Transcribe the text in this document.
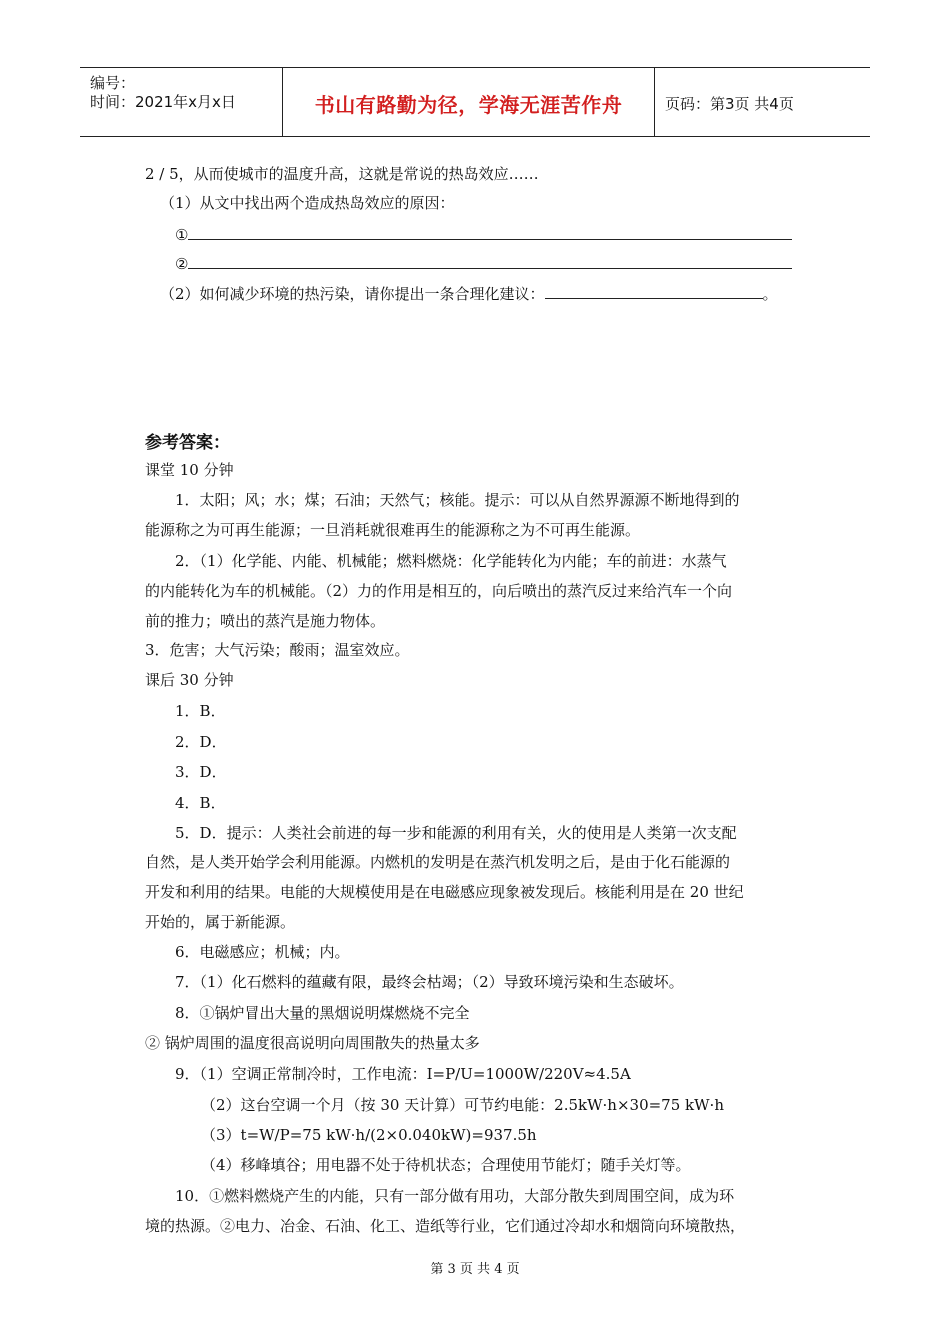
编号：
时间：2021年x月x日	书山有路勤为径，学海无涯苦作舟	页码：第3页 共4页
2 / 5，从而使城市的温度升高，这就是常说的热岛效应……
（1）从文中找出两个造成热岛效应的原因：
①
②
（2）如何减少环境的热污染，请你提出一条合理化建议：	。
参考答案：
课堂 10 分钟
1．太阳；风；水；煤；石油；天然气；核能。提示：可以从自然界源源不断地得到的
能源称之为可再生能源；一旦消耗就很难再生的能源称之为不可再生能源。
2．（1）化学能、内能、机械能；燃料燃烧：化学能转化为内能；车的前进：水蒸气
的内能转化为车的机械能。（2）力的作用是相互的，向后喷出的蒸汽反过来给汽车一个向
前的推力；喷出的蒸汽是施力物体。
3．危害；大气污染；酸雨；温室效应。
课后 30 分钟
1．B．
2．D．
3．D．
4．B．
5．D．提示：人类社会前进的每一步和能源的利用有关，火的使用是人类第一次支配
自然，是人类开始学会利用能源。内燃机的发明是在蒸汽机发明之后，是由于化石能源的
开发和利用的结果。电能的大规模使用是在电磁感应现象被发现后。核能利用是在 20 世纪
开始的，属于新能源。
6．电磁感应；机械；内。
7．（1）化石燃料的蕴藏有限，最终会枯竭；（2）导致环境污染和生态破坏。
8．①锅炉冒出大量的黑烟说明煤燃烧不完全
② 锅炉周围的温度很高说明向周围散失的热量太多
9．（1）空调正常制冷时，工作电流：I=P/U=1000W/220V≈4.5A
（2）这台空调一个月（按 30 天计算）可节约电能：2.5kW·h×30=75 kW·h
（3）t=W/P=75 kW·h/(2×0.040kW)=937.5h
（4）移峰填谷；用电器不处于待机状态；合理使用节能灯；随手关灯等。
10．①燃料燃烧产生的内能，只有一部分做有用功，大部分散失到周围空间，成为环
境的热源。②电力、冶金、石油、化工、造纸等行业，它们通过冷却水和烟筒向环境散热，
第 3 页 共 4 页
